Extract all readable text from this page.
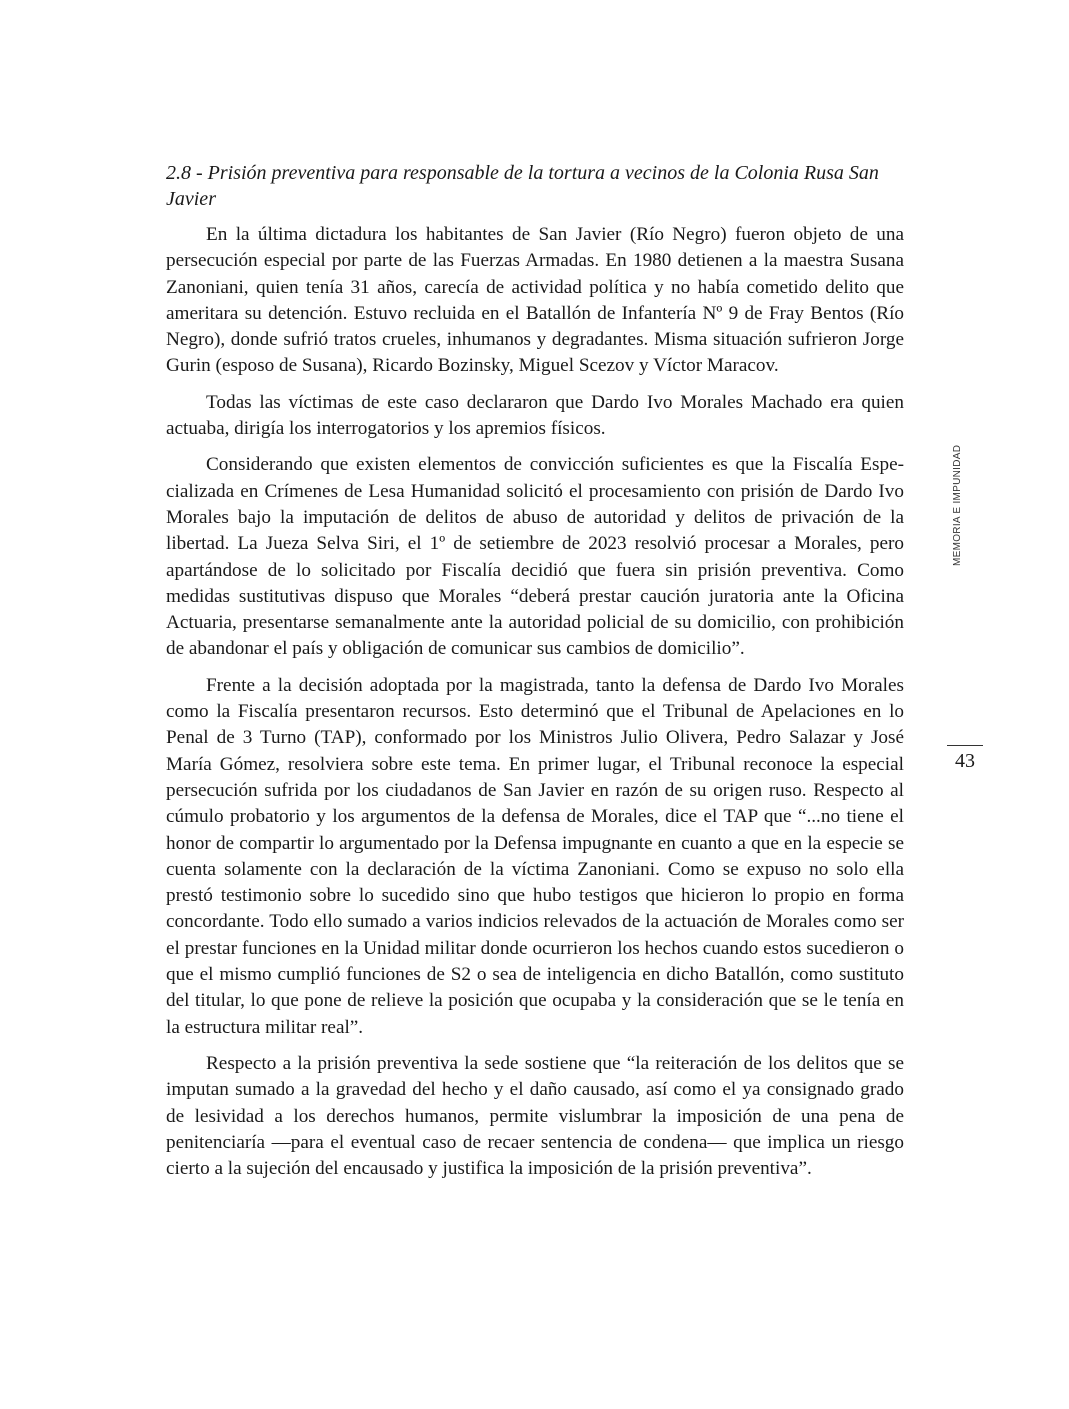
2.8 - Prisión preventiva para responsable de la tortura a vecinos de la Colonia Rusa San Javier

En la última dictadura los habitantes de San Javier (Río Negro) fueron objeto de una persecución especial por parte de las Fuerzas Armadas. En 1980 detienen a la maestra Susana Zanoniani, quien tenía 31 años, carecía de actividad política y no había cometido delito que ameritara su detención. Estuvo recluida en el Batallón de Infantería Nº 9 de Fray Bentos (Río Negro), donde sufrió tratos crueles, inhumanos y degradantes. Misma situación sufrieron Jorge Gurin (esposo de Susana), Ricardo Bozinsky, Miguel Scezov y Víctor Maracov.

Todas las víctimas de este caso declararon que Dardo Ivo Morales Machado era quien actuaba, dirigía los interrogatorios y los apremios físicos.

Considerando que existen elementos de convicción suficientes es que la Fiscalía Especializada en Crímenes de Lesa Humanidad solicitó el procesamiento con prisión de Dardo Ivo Morales bajo la imputación de delitos de abuso de autoridad y delitos de privación de la libertad. La Jueza Selva Siri, el 1º de setiembre de 2023 resolvió procesar a Morales, pero apartándose de lo solicitado por Fiscalía decidió que fuera sin prisión preventiva. Como medidas sustitutivas dispuso que Morales “deberá prestar caución juratoria ante la Oficina Actuaria, presentarse semanalmente ante la autoridad policial de su domicilio, con prohibición de abandonar el país y obligación de comunicar sus cambios de domicilio”.

Frente a la decisión adoptada por la magistrada, tanto la defensa de Dardo Ivo Morales como la Fiscalía presentaron recursos. Esto determinó que el Tribunal de Apelaciones en lo Penal de 3 Turno (TAP), conformado por los Ministros Julio Olivera, Pedro Salazar y José María Gómez, resolviera sobre este tema. En primer lugar, el Tribunal reconoce la especial persecución sufrida por los ciudadanos de San Javier en razón de su origen ruso. Respecto al cúmulo probatorio y los argumentos de la defensa de Morales, dice el TAP que “...no tiene el honor de compartir lo argumentado por la Defensa impugnante en cuanto a que en la especie se cuenta solamente con la declaración de la víctima Zanoniani. Como se expuso no solo ella prestó testimonio sobre lo sucedido sino que hubo testigos que hicieron lo propio en forma concordante. Todo ello sumado a varios indicios relevados de la actuación de Morales como ser el prestar funciones en la Unidad militar donde ocurrieron los hechos cuando estos sucedieron o que el mismo cumplió funciones de S2 o sea de inteligencia en dicho Batallón, como sustituto del titular, lo que pone de relieve la posición que ocupaba y la consideración que se le tenía en la estructura militar real”.

Respecto a la prisión preventiva la sede sostiene que “la reiteración de los delitos que se imputan sumado a la gravedad del hecho y el daño causado, así como el ya consignado grado de lesividad a los derechos humanos, permite vislumbrar la imposición de una pena de penitenciaría —para el eventual caso de recaer sentencia de condena— que implica un riesgo cierto a la sujeción del encausado y justifica la imposición de la prisión preventiva”.

MEMORIA E IMPUNIDAD
43
